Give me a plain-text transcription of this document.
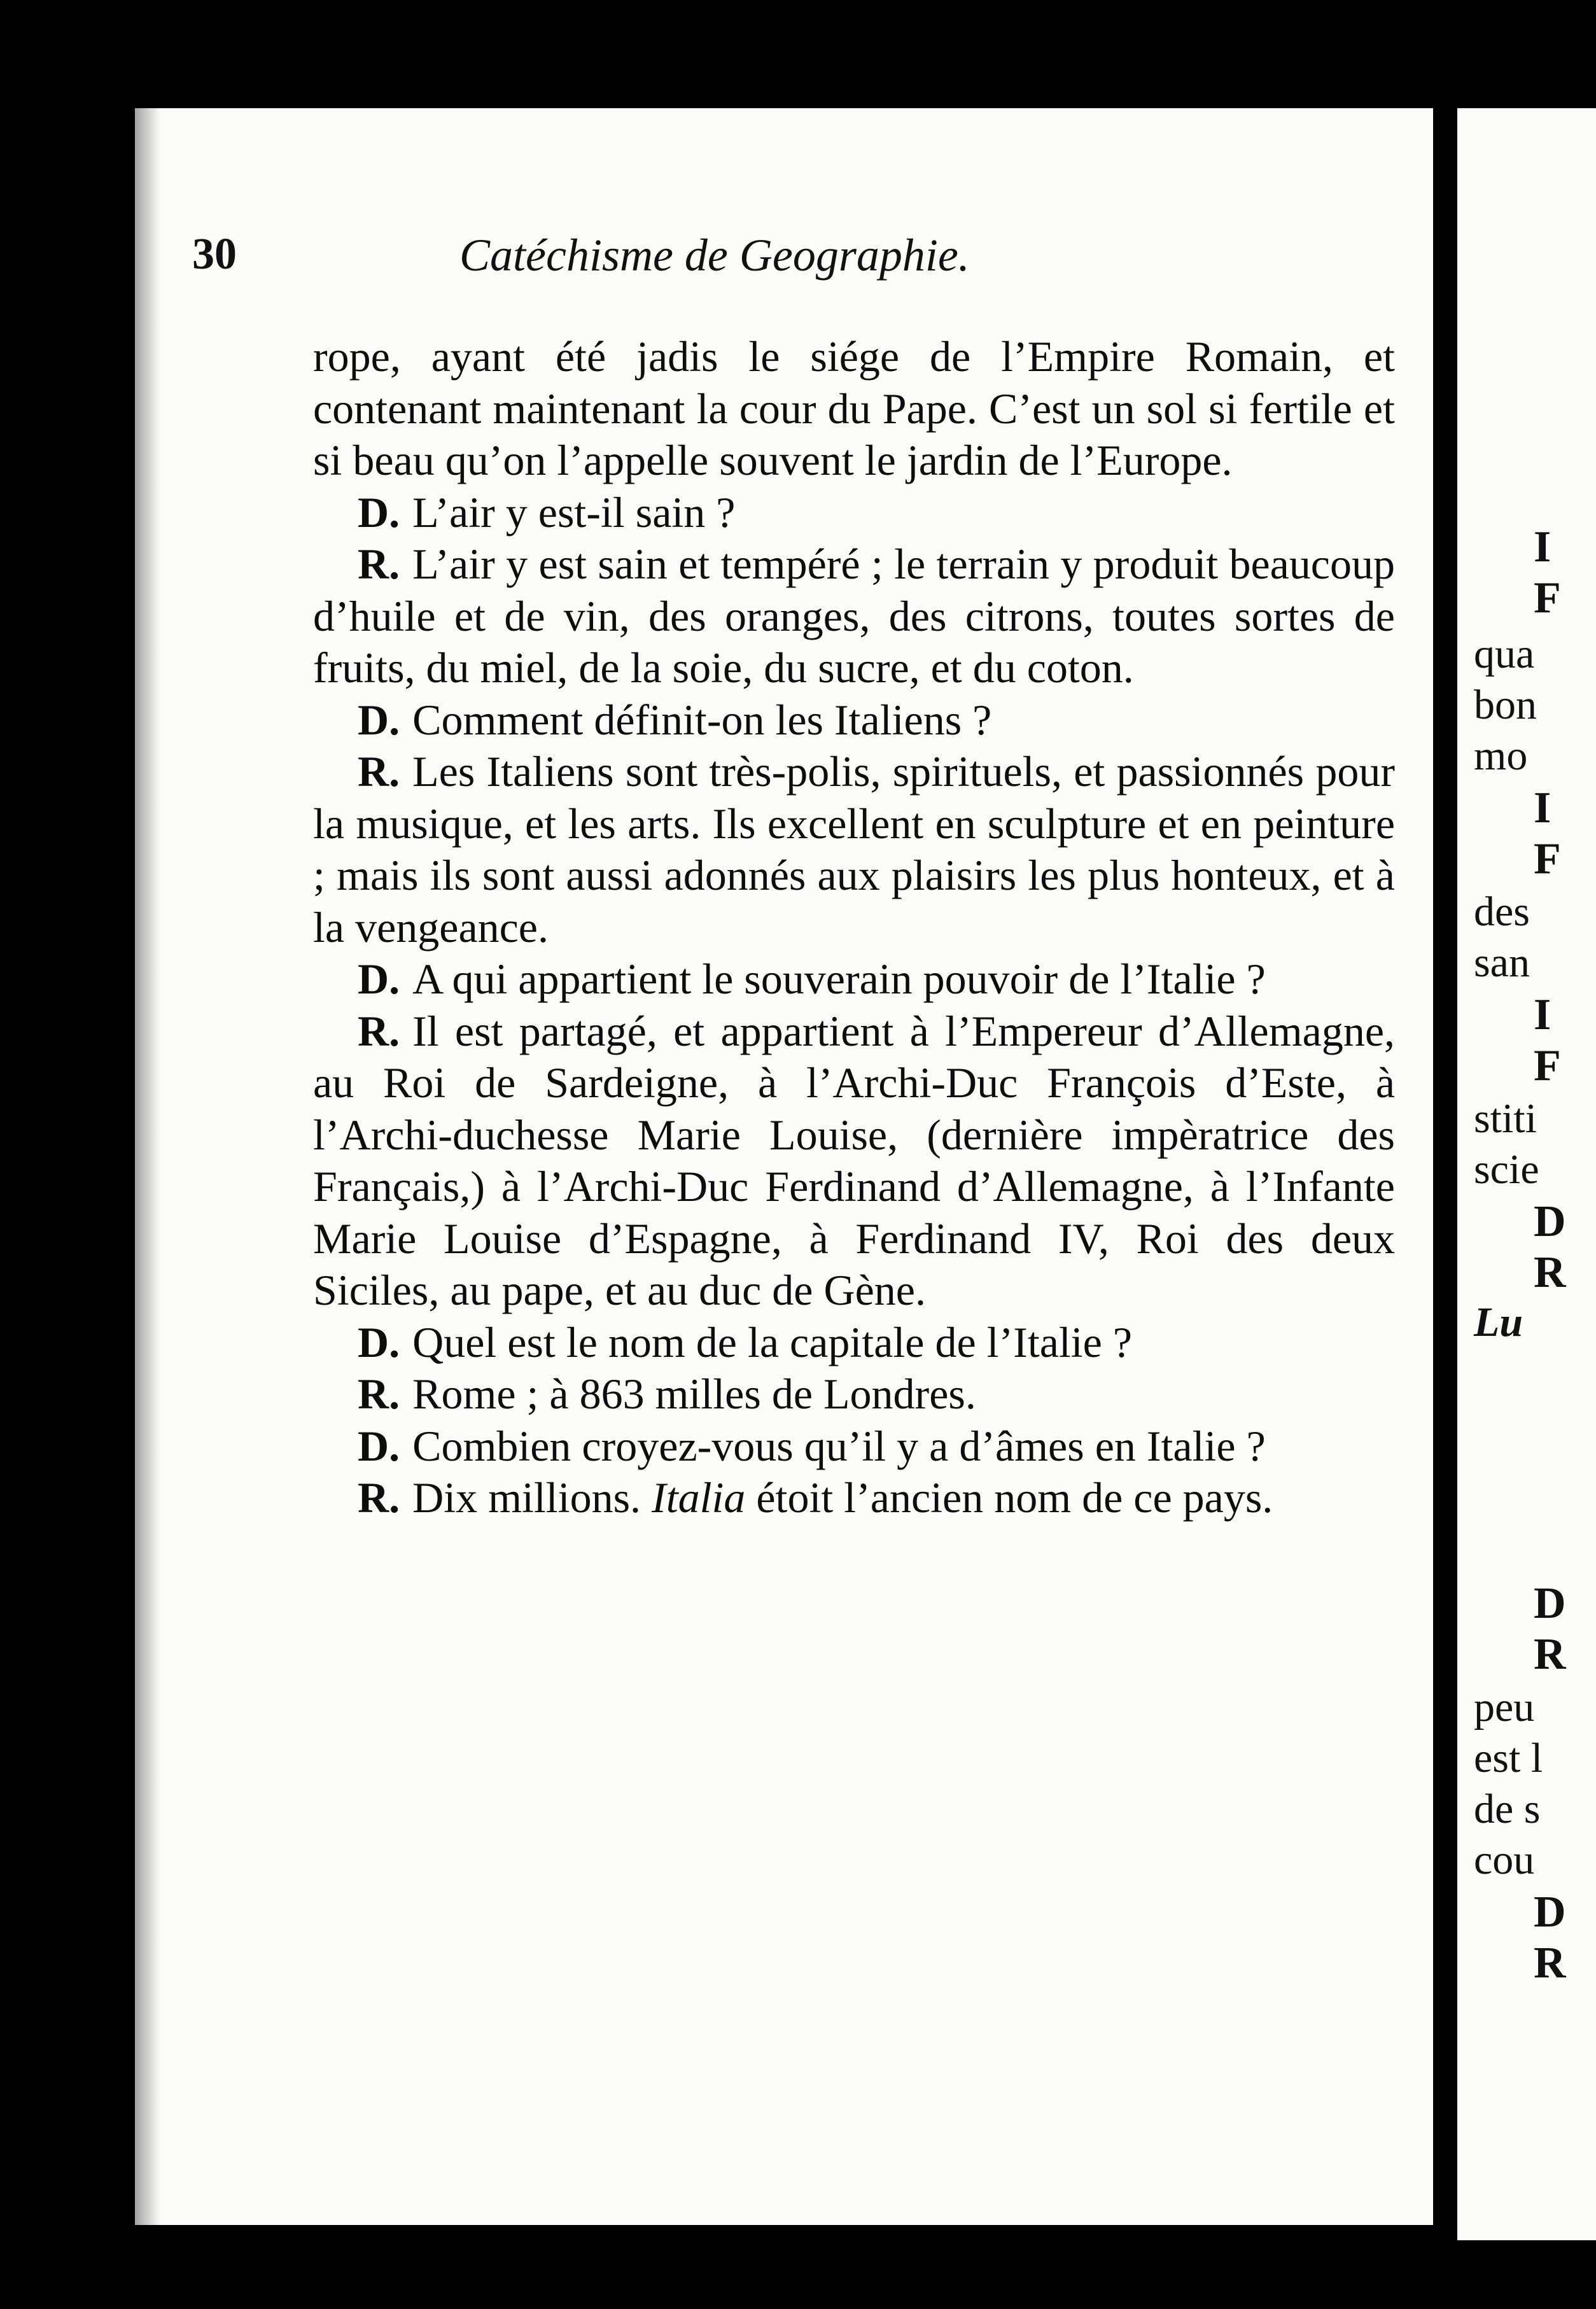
30	Catéchisme de Geographie.

rope, ayant été jadis le siége de l’Empire Romain, et contenant maintenant la cour du Pape. C’est un sol si fertile et si beau qu’on l’appelle souvent le jardin de l’Europe.

D. L’air y est-il sain ?

R. L’air y est sain et tempéré ; le terrain y produit beaucoup d’huile et de vin, des oranges, des citrons, toutes sortes de fruits, du miel, de la soie, du sucre, et du coton.

D. Comment définit-on les Italiens ?

R. Les Italiens sont très-polis, spirituels, et passionnés pour la musique, et les arts. Ils excellent en sculpture et en peinture ; mais ils sont aussi adonnés aux plaisirs les plus honteux, et à la vengeance.

D. A qui appartient le souverain pouvoir de l’Italie ?

R. Il est partagé, et appartient à l’Empereur d’Allemagne, au Roi de Sardeigne, à l’Archi-Duc François d’Este, à l’Archi-duchesse Marie Louise, (dernière impèratrice des Français,) à l’Archi-Duc Ferdinand d’Allemagne, à l’Infante Marie Louise d’Espagne, à Ferdinand IV, Roi des deux Siciles, au pape, et au duc de Gène.

D. Quel est le nom de la capitale de l’Italie ?

R. Rome ; à 863 milles de Londres.

D. Combien croyez-vous qu’il y a d’âmes en Italie ?

R. Dix millions. Italia étoit l’ancien nom de ce pays.

I
F
qua
bon
mo
I
F
des
san
I
F
stiti
scie
D
R
Lu
D
R
peu
est l
de s
cou
D
R
